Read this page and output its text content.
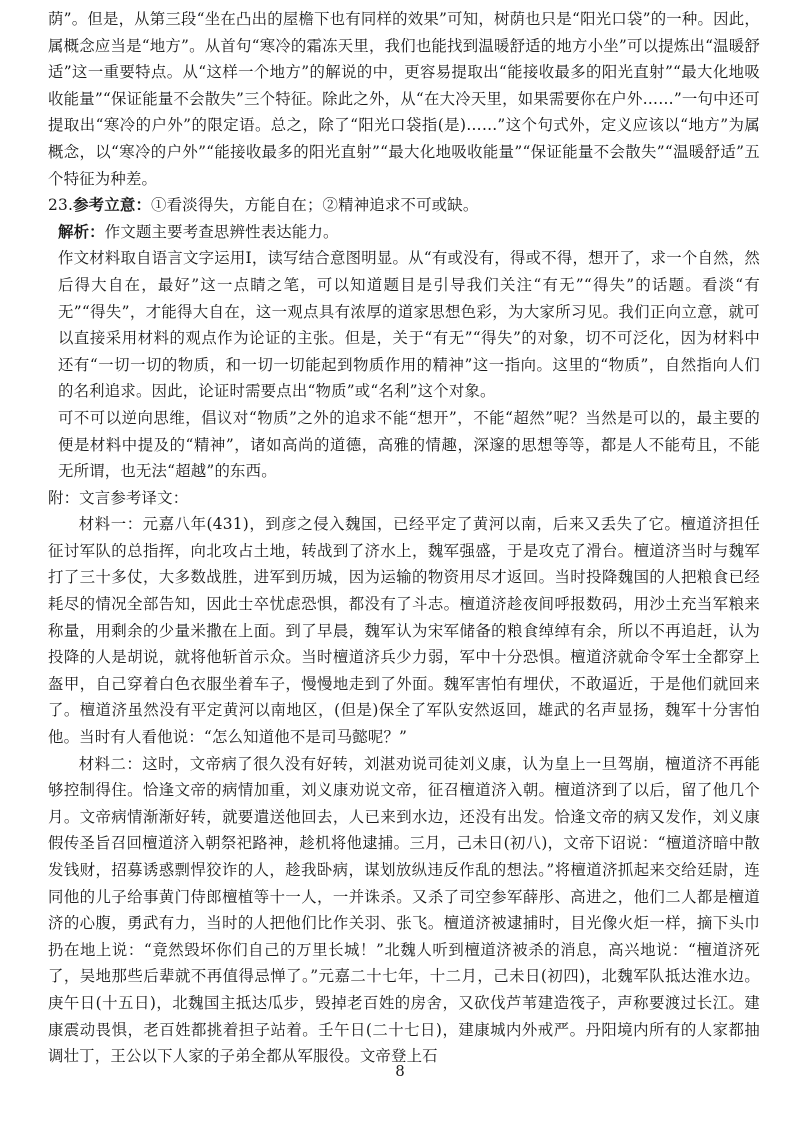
荫”。但是，从第三段“坐在凸出的屋檐下也有同样的效果”可知，树荫也只是“阳光口袋”的一种。因此，属概念应当是“地方”。从首句“寒冷的霜冻天里，我们也能找到温暖舒适的地方小坐”可以提炼出“温暖舒适”这一重要特点。从“这样一个地方”的解说的中，更容易提取出“能接收最多的阳光直射”“最大化地吸收能量”“保证能量不会散失”三个特征。除此之外，从“在大冷天里，如果需要你在户外……”一句中还可提取出“寒冷的户外”的限定语。总之，除了“阳光口袋指(是)……”这个句式外，定义应该以“地方”为属概念，以“寒冷的户外”“能接收最多的阳光直射”“最大化地吸收能量”“保证能量不会散失”“温暖舒适”五个特征为种差。

23.参考立意：①看淡得失，方能自在；②精神追求不可或缺。

解析：作文题主要考查思辨性表达能力。

作文材料取自语言文字运用Ⅰ，读写结合意图明显。从“有或没有，得或不得，想开了，求一个自然，然后得大自在，最好”这一点睛之笔，可以知道题目是引导我们关注“有无”“得失”的话题。看淡“有无”“得失”，才能得大自在，这一观点具有浓厚的道家思想色彩，为大家所习见。我们正向立意，就可以直接采用材料的观点作为论证的主张。但是，关于“有无”“得失”的对象，切不可泛化，因为材料中还有“一切一切的物质，和一切一切能起到物质作用的精神”这一指向。这里的“物质”，自然指向人们的名利追求。因此，论证时需要点出“物质”或“名利”这个对象。

可不可以逆向思维，倡议对“物质”之外的追求不能“想开”，不能“超然”呢？当然是可以的，最主要的便是材料中提及的“精神”，诸如高尚的道德，高雅的情趣，深邃的思想等等，都是人不能苟且，不能无所谓，也无法“超越”的东西。

附：文言参考译文：

材料一：元嘉八年(431)，到彦之侵入魏国，已经平定了黄河以南，后来又丢失了它。檀道济担任征讨军队的总指挥，向北攻占土地，转战到了济水上，魏军强盛，于是攻克了滑台。檀道济当时与魏军打了三十多仗，大多数战胜，进军到历城，因为运输的物资用尽才返回。当时投降魏国的人把粮食已经耗尽的情况全部告知，因此士卒忧虑恐惧，都没有了斗志。檀道济趁夜间呼报数码，用沙土充当军粮来称量，用剩余的少量米撒在上面。到了早晨，魏军认为宋军储备的粮食绰绰有余，所以不再追赶，认为投降的人是胡说，就将他斩首示众。当时檀道济兵少力弱，军中十分恐惧。檀道济就命令军士全都穿上盔甲，自己穿着白色衣服坐着车子，慢慢地走到了外面。魏军害怕有埋伏，不敢逼近，于是他们就回来了。檀道济虽然没有平定黄河以南地区，(但是)保全了军队安然返回，雄武的名声显扬，魏军十分害怕他。当时有人看他说：“怎么知道他不是司马懿呢？”

材料二：这时，文帝病了很久没有好转，刘湛劝说司徒刘义康，认为皇上一旦驾崩，檀道济不再能够控制得住。恰逢文帝的病情加重，刘义康劝说文帝，征召檀道济入朝。檀道济到了以后，留了他几个月。文帝病情渐渐好转，就要遣送他回去，人已来到水边，还没有出发。恰逢文帝的病又发作，刘义康假传圣旨召回檀道济入朝祭祀路神，趁机将他逮捕。三月，己未日(初八)，文帝下诏说：“檀道济暗中散发钱财，招募诱惑剽悍狡诈的人，趁我卧病，谋划放纵违反作乱的想法。”将檀道济抓起来交给廷尉，连同他的儿子给事黄门侍郎檀植等十一人，一并诛杀。又杀了司空参军薛彤、高进之，他们二人都是檀道济的心腹，勇武有力，当时的人把他们比作关羽、张飞。檀道济被逮捕时，目光像火炬一样，摘下头巾扔在地上说：“竟然毁坏你们自己的万里长城！”北魏人听到檀道济被杀的消息，高兴地说：“檀道济死了，吴地那些后辈就不再值得忌惮了。”元嘉二十七年，十二月，己未日(初四)，北魏军队抵达淮水边。庚午日(十五日)，北魏国主抵达瓜步，毁掉老百姓的房舍，又砍伐芦苇建造筏子，声称要渡过长江。建康震动畏惧，老百姓都挑着担子站着。壬午日(二十七日)，建康城内外戒严。丹阳境内所有的人家都抽调壮丁，王公以下人家的子弟全都从军服役。文帝登上石

8
